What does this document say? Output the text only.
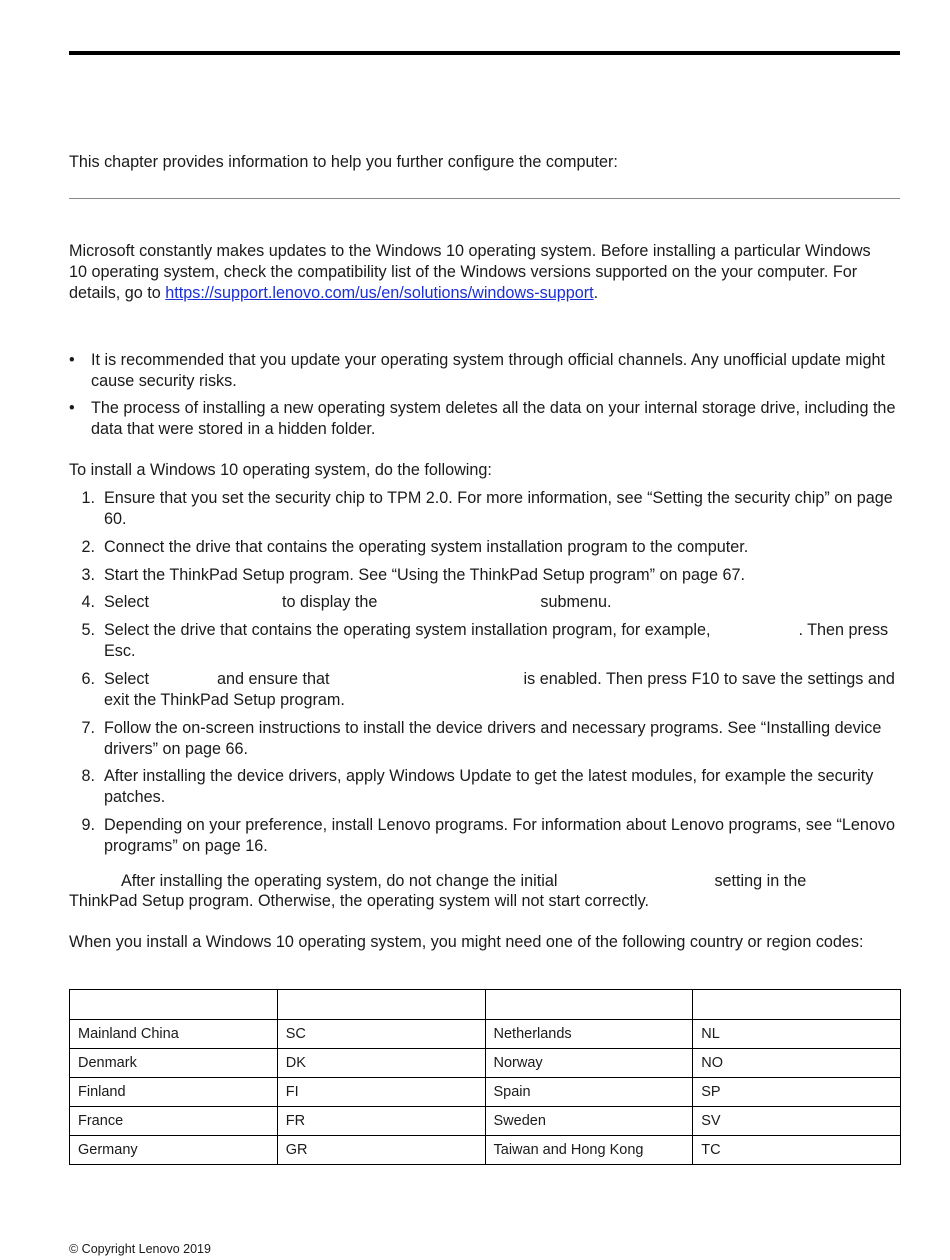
This chapter provides information to help you further configure the computer:

Microsoft constantly makes updates to the Windows 10 operating system. Before installing a particular Windows 10 operating system, check the compatibility list of the Windows versions supported on the your computer. For details, go to https://support.lenovo.com/us/en/solutions/windows-support.

• It is recommended that you update your operating system through official channels. Any unofficial update might cause security risks.
• The process of installing a new operating system deletes all the data on your internal storage drive, including the data that were stored in a hidden folder.

To install a Windows 10 operating system, do the following:

1. Ensure that you set the security chip to TPM 2.0. For more information, see “Setting the security chip” on page 60.
2. Connect the drive that contains the operating system installation program to the computer.
3. Start the ThinkPad Setup program. See “Using the ThinkPad Setup program” on page 67.
4. Select	to display the	submenu.
5. Select the drive that contains the operating system installation program, for example,	. Then press Esc.
6. Select	and ensure that	is enabled. Then press F10 to save the settings and exit the ThinkPad Setup program.
7. Follow the on-screen instructions to install the device drivers and necessary programs. See “Installing device drivers” on page 66.
8. After installing the device drivers, apply Windows Update to get the latest modules, for example the security patches.
9. Depending on your preference, install Lenovo programs. For information about Lenovo programs, see “Lenovo programs” on page 16.

After installing the operating system, do not change the initial	setting in the ThinkPad Setup program. Otherwise, the operating system will not start correctly.

When you install a Windows 10 operating system, you might need one of the following country or region codes:

Mainland China	SC	Netherlands	NL
Denmark	DK	Norway	NO
Finland	FI	Spain	SP
France	FR	Sweden	SV
Germany	GR	Taiwan and Hong Kong	TC
© Copyright Lenovo 2019
